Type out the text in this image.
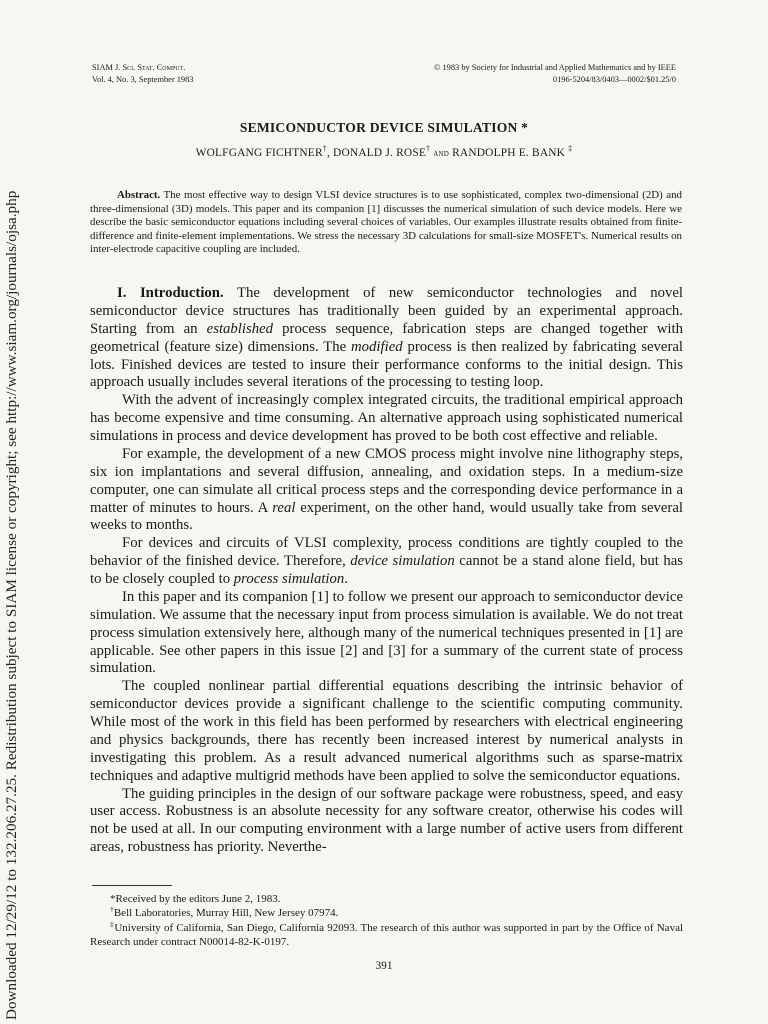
Downloaded 12/29/12 to 132.206.27.25. Redistribution subject to SIAM license or copyright; see http://www.siam.org/journals/ojsa.php
SIAM J. Sci. Stat. Comput.
Vol. 4, No. 3, September 1983
© 1983 by Society for Industrial and Applied Mathematics and by IEEE
0196-5204/83/0403—0002/$01.25/0
SEMICONDUCTOR DEVICE SIMULATION *
WOLFGANG FICHTNER†, DONALD J. ROSE† and RANDOLPH E. BANK ‡
Abstract. The most effective way to design VLSI device structures is to use sophisticated, complex two-dimensional (2D) and three-dimensional (3D) models. This paper and its companion [1] discusses the numerical simulation of such device models. Here we describe the basic semiconductor equations including several choices of variables. Our examples illustrate results obtained from finite-difference and finite-element implementations. We stress the necessary 3D calculations for small-size MOSFET's. Numerical results on inter-electrode capacitive coupling are included.

I. Introduction. The development of new semiconductor technologies and novel semiconductor device structures has traditionally been guided by an experimental approach. Starting from an established process sequence, fabrication steps are changed together with geometrical (feature size) dimensions. The modified process is then realized by fabricating several lots. Finished devices are tested to insure their performance conforms to the initial design. This approach usually includes several iterations of the processing to testing loop.

With the advent of increasingly complex integrated circuits, the traditional empirical approach has become expensive and time consuming. An alternative approach using sophisticated numerical simulations in process and device development has proved to be both cost effective and reliable.

For example, the development of a new CMOS process might involve nine lithography steps, six ion implantations and several diffusion, annealing, and oxidation steps. In a medium-size computer, one can simulate all critical process steps and the corresponding device performance in a matter of minutes to hours. A real experiment, on the other hand, would usually take from several weeks to months.

For devices and circuits of VLSI complexity, process conditions are tightly coupled to the behavior of the finished device. Therefore, device simulation cannot be a stand alone field, but has to be closely coupled to process simulation.

In this paper and its companion [1] to follow we present our approach to semiconductor device simulation. We assume that the necessary input from process simulation is available. We do not treat process simulation extensively here, although many of the numerical techniques presented in [1] are applicable. See other papers in this issue [2] and [3] for a summary of the current state of process simulation.

The coupled nonlinear partial differential equations describing the intrinsic behavior of semiconductor devices provide a significant challenge to the scientific computing community. While most of the work in this field has been performed by researchers with electrical engineering and physics backgrounds, there has recently been increased interest by numerical analysts in investigating this problem. As a result advanced numerical algorithms such as sparse-matrix techniques and adaptive multigrid methods have been applied to solve the semiconductor equations.

The guiding principles in the design of our software package were robustness, speed, and easy user access. Robustness is an absolute necessity for any software creator, otherwise his codes will not be used at all. In our computing environment with a large number of active users from different areas, robustness has priority. Neverthe-

*Received by the editors June 2, 1983.

†Bell Laboratories, Murray Hill, New Jersey 07974.

‡University of California, San Diego, California 92093. The research of this author was supported in part by the Office of Naval Research under contract N00014-82-K-0197.

391
